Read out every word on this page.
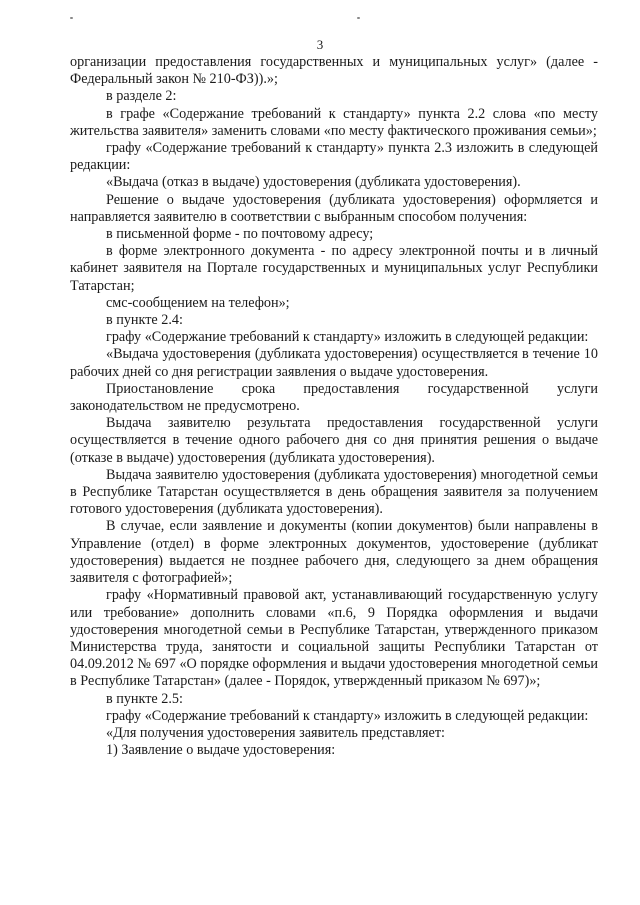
3

организации предоставления государственных и муниципальных услуг» (далее - Федеральный закон № 210-ФЗ)).»;

в разделе 2:

в графе «Содержание требований к стандарту» пункта 2.2 слова «по месту жительства заявителя» заменить словами «по месту фактического проживания семьи»;

графу «Содержание требований к стандарту» пункта 2.3 изложить в следующей редакции:

«Выдача (отказ в выдаче) удостоверения (дубликата удостоверения).

Решение о выдаче удостоверения (дубликата удостоверения) оформляется и направляется заявителю в соответствии с выбранным способом получения:

в письменной форме - по почтовому адресу;

в форме электронного документа - по адресу электронной почты и в личный кабинет заявителя на Портале государственных и муниципальных услуг Республики Татарстан;

смс-сообщением на телефон»;

в пункте 2.4:

графу «Содержание требований к стандарту» изложить в следующей редакции:

«Выдача удостоверения (дубликата удостоверения) осуществляется в течение 10 рабочих дней со дня регистрации заявления о выдаче удостоверения.

Приостановление срока предоставления государственной услуги законодательством не предусмотрено.

Выдача заявителю результата предоставления государственной услуги осуществляется в течение одного рабочего дня со дня принятия решения о выдаче (отказе в выдаче) удостоверения (дубликата удостоверения).

Выдача заявителю удостоверения (дубликата удостоверения) многодетной семьи в Республике Татарстан осуществляется в день обращения заявителя за получением готового удостоверения (дубликата удостоверения).

В случае, если заявление и документы (копии документов) были направлены в Управление (отдел) в форме электронных документов, удостоверение (дубликат удостоверения) выдается не позднее рабочего дня, следующего за днем обращения заявителя с фотографией»;

графу «Нормативный правовой акт, устанавливающий государственную услугу или требование» дополнить словами «п.6, 9 Порядка оформления и выдачи удостоверения многодетной семьи в Республике Татарстан, утвержденного приказом Министерства труда, занятости и социальной защиты Республики Татарстан от 04.09.2012 № 697 «О порядке оформления и выдачи удостоверения многодетной семьи в Республике Татарстан» (далее - Порядок, утвержденный приказом № 697)»;

в пункте 2.5:

графу «Содержание требований к стандарту» изложить в следующей редакции:

«Для получения удостоверения заявитель представляет:

1) Заявление о выдаче удостоверения:
